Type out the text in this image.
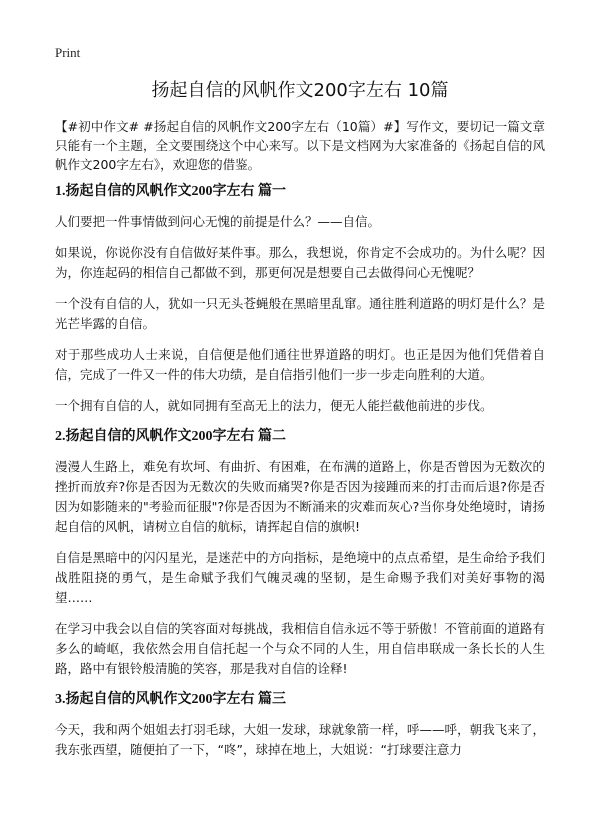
Print
扬起自信的风帆作文200字左右 10篇

【#初中作文# #扬起自信的风帆作文200字左右（10篇）#】写作文，要切记一篇文章只能有一个主题，全文要围绕这个中心来写。以下是文档网为大家准备的《扬起自信的风帆作文200字左右》，欢迎您的借鉴。

1.扬起自信的风帆作文200字左右 篇一

人们要把一件事情做到问心无愧的前提是什么？——自信。

如果说，你说你没有自信做好某件事。那么，我想说，你肯定不会成功的。为什么呢？因为，你连起码的相信自己都做不到，那更何况是想要自己去做得问心无愧呢？

一个没有自信的人，犹如一只无头苍蝇般在黑暗里乱窜。通往胜利道路的明灯是什么？是光芒毕露的自信。

对于那些成功人士来说，自信便是他们通往世界道路的明灯。也正是因为他们凭借着自信，完成了一件又一件的伟大功绩，是自信指引他们一步一步走向胜利的大道。

一个拥有自信的人，就如同拥有至高无上的法力，便无人能拦截他前进的步伐。

2.扬起自信的风帆作文200字左右 篇二

漫漫人生路上，难免有坎坷、有曲折、有困难，在布满的道路上，你是否曾因为无数次的挫折而放弃?你是否因为无数次的失败而痛哭?你是否因为接踵而来的打击而后退?你是否因为如影随来的"考验而征服"?你是否因为不断涌来的灾难而灰心?当你身处绝境时，请扬起自信的风帆，请树立自信的航标，请挥起自信的旗帜!

自信是黑暗中的闪闪星光，是迷茫中的方向指标，是绝境中的点点希望，是生命给予我们战胜阻挠的勇气，是生命赋予我们气魄灵魂的坚韧，是生命赐予我们对美好事物的渴望……

在学习中我会以自信的笑容面对每挑战，我相信自信永远不等于骄傲！不管前面的道路有多么的崎岖，我依然会用自信托起一个与众不同的人生，用自信串联成一条长长的人生路，路中有银铃般清脆的笑容，那是我对自信的诠释!

3.扬起自信的风帆作文200字左右 篇三

今天，我和两个姐姐去打羽毛球，大姐一发球，球就象箭一样，呼——呼，朝我飞来了，我东张西望，随便拍了一下，“咚”，球掉在地上，大姐说：“打球要注意力
